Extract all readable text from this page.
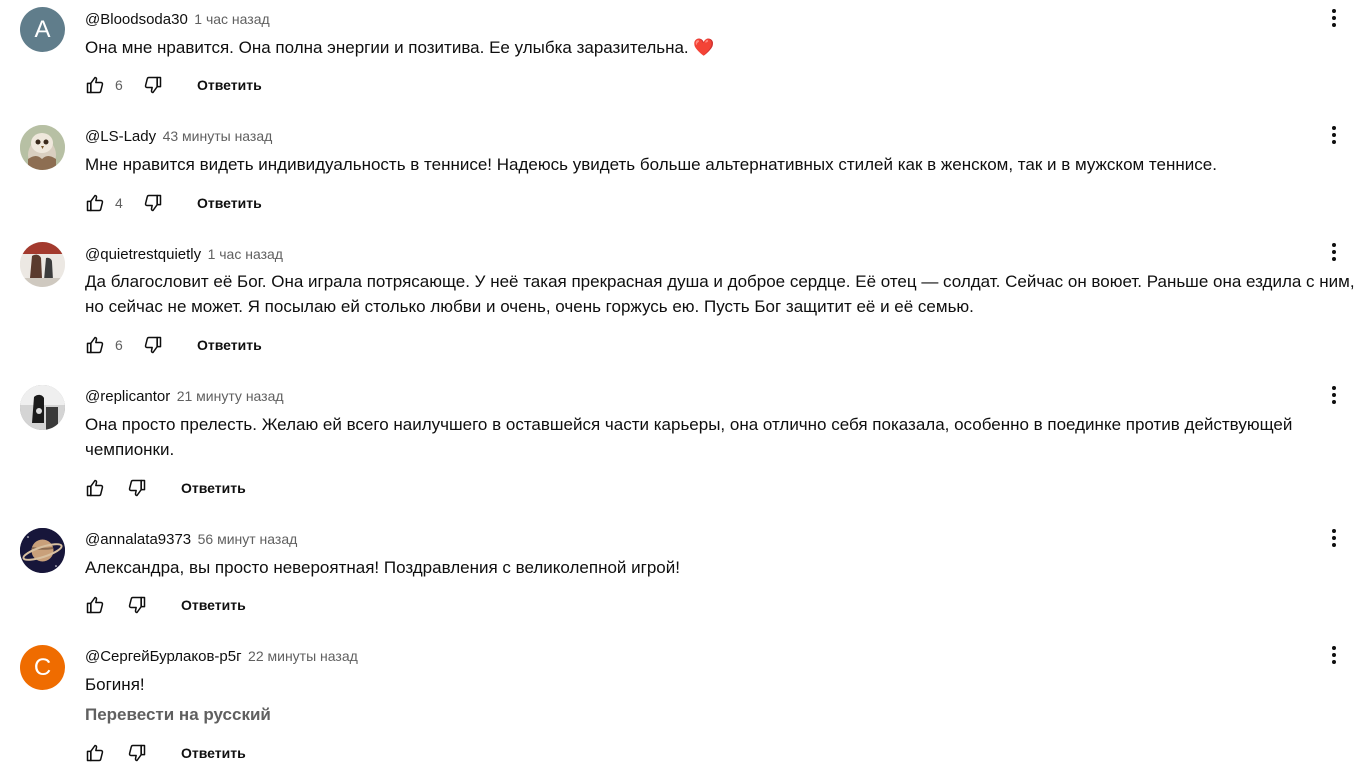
A @Bloodsoda30 1 час назад
Она мне нравится. Она полна энергии и позитива. Ее улыбка заразительна. ❤️
6	Ответить
@LS-Lady 43 минуты назад
Мне нравится видеть индивидуальность в теннисе! Надеюсь увидеть больше альтернативных стилей как в женском, так и в мужском теннисе.
4	Ответить
@quietrestquietly 1 час назад
Да благословит её Бог. Она играла потрясающе. У неё такая прекрасная душа и доброе сердце. Её отец — солдат. Сейчас он воюет. Раньше она ездила с ним, но сейчас не может. Я посылаю ей столько любви и очень, очень горжусь ею. Пусть Бог защитит её и её семью.
6	Ответить
@replicantor 21 минуту назад
Она просто прелесть. Желаю ей всего наилучшего в оставшейся части карьеры, она отлично себя показала, особенно в поединке против действующей чемпионки.
Ответить
@annalata9373 56 минут назад
Александра, вы просто невероятная! Поздравления с великолепной игрой!
Ответить
C @СергейБурлаков-р5г 22 минуты назад
Богиня!
Перевести на русский
Ответить
